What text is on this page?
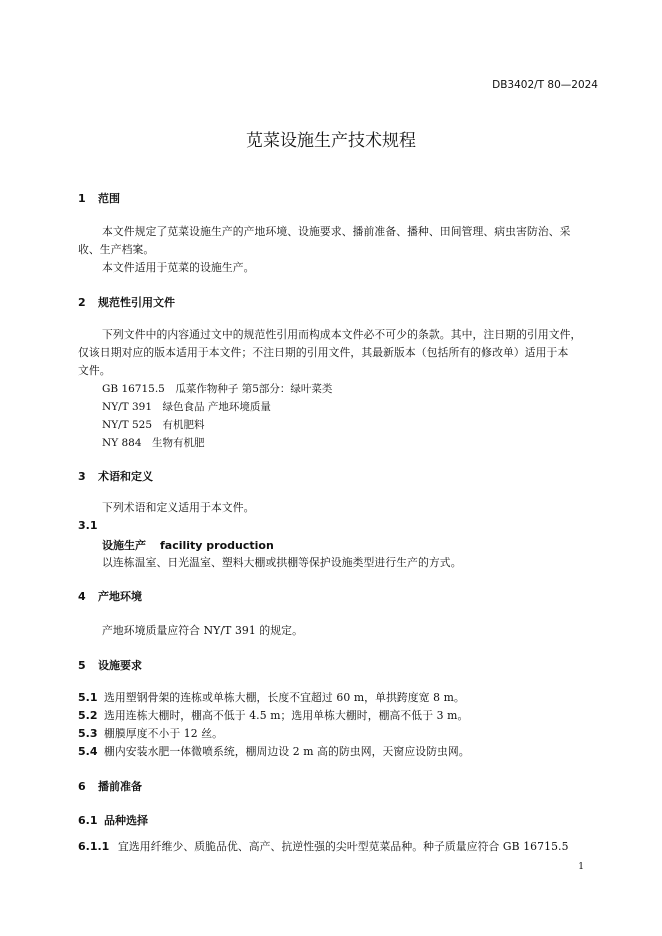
DB3402/T 80—2024
苋菜设施生产技术规程
1 范围
本文件规定了苋菜设施生产的产地环境、设施要求、播前准备、播种、田间管理、病虫害防治、采
收、生产档案。
本文件适用于苋菜的设施生产。
2 规范性引用文件
下列文件中的内容通过文中的规范性引用而构成本文件必不可少的条款。其中，注日期的引用文件，
仅该日期对应的版本适用于本文件；不注日期的引用文件，其最新版本（包括所有的修改单）适用于本
文件。
GB 16715.5　瓜菜作物种子 第5部分：绿叶菜类
NY/T 391　绿色食品 产地环境质量
NY/T 525　有机肥料
NY 884　生物有机肥
3 术语和定义
下列术语和定义适用于本文件。
3.1
设施生产 facility production
以连栋温室、日光温室、塑料大棚或拱棚等保护设施类型进行生产的方式。
4 产地环境
产地环境质量应符合 NY/T 391 的规定。
5 设施要求
5.1 选用塑钢骨架的连栋或单栋大棚，长度不宜超过 60 m，单拱跨度宽 8 m。
5.2 选用连栋大棚时，棚高不低于 4.5 m；选用单栋大棚时，棚高不低于 3 m。
5.3 棚膜厚度不小于 12 丝。
5.4 棚内安装水肥一体微喷系统，棚周边设 2 m 高的防虫网，天窗应设防虫网。
6 播前准备
6.1 品种选择
6.1.1 宜选用纤维少、质脆品优、高产、抗逆性强的尖叶型苋菜品种。种子质量应符合 GB 16715.5
1
